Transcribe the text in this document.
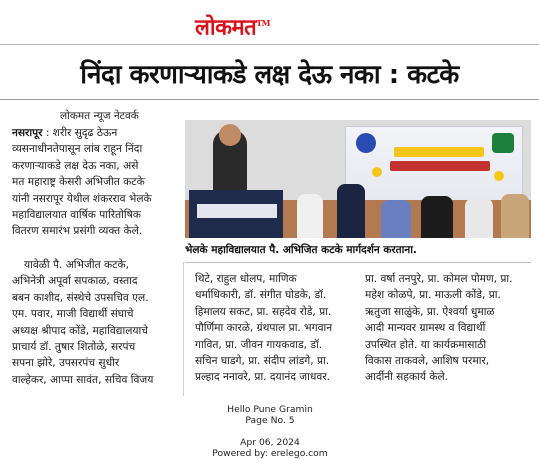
लोकमत™
निंदा करणाऱ्याकडे लक्ष देऊ नका : कटके
लोकमत न्यूज नेटवर्क
नसरापूर : शरीर सुदृढ ठेऊन
व्यसनाधीनतेपासून लांब राहून निंदा
करणाऱ्याकडे लक्ष देऊ नका, असे
मत महाराष्ट्र केसरी अभिजीत कटके
यांनी नसरापूर येथील शंकरराव भेलके
महाविद्यालयात वार्षिक पारितोषिक
वितरण समारंभ प्रसंगी व्यक्त केले.
यावेळी पै. अभिजीत कटके,
अभिनेत्री अपूर्वा सपकाळ, वस्ताद
बबन काशीद, संस्थेचे उपसचिव एल.
एम. पवार, माजी विद्यार्थी संघाचे
अध्यक्ष श्रीपाद कोंडे, महाविद्यालयाचे
प्राचार्य डॉ. तुषार शितोळे, सरपंच
सपना झोरे, उपसरपंच सुधीर
वाल्हेकर, आप्पा सावंत, सचिव विजय
भेलके महाविद्यालयात पै. अभिजित कटके मार्गदर्शन करताना.
थिटे, राहुल धोलप, माणिक
धर्माधिकारी, डॉ. संगीत घोडके, डॉ.
हिमालय सकट, प्रा. सहदेव रोडे, प्रा.
पौर्णिमा कारळे, ग्रंथपाल प्रा. भगवान
गावित, प्रा. जीवन गायकवाड, डॉ.
सचिन घाडगे, प्रा. संदीप लांडगे, प्रा.
प्रल्हाद ननावरे, प्रा. दयानंद जाधवर.
प्रा. वर्षा तनपुरे, प्रा. कोमल पोमण, प्रा.
महेश कोळपे, प्रा. माऊली कोंडे, प्रा.
ऋतुजा साळुंके, प्रा. ऐश्वर्या धुमाळ
आदी मान्यवर ग्रामस्थ व विद्यार्थी
उपस्थित होते. या कार्यक्रमासाठी
विकास ताकवले, आशिष परमार,
आर्दीनी सहकार्य केले.
Hello Pune Gramin
Page No. 5

Apr 06, 2024
Powered by: erelego.com
